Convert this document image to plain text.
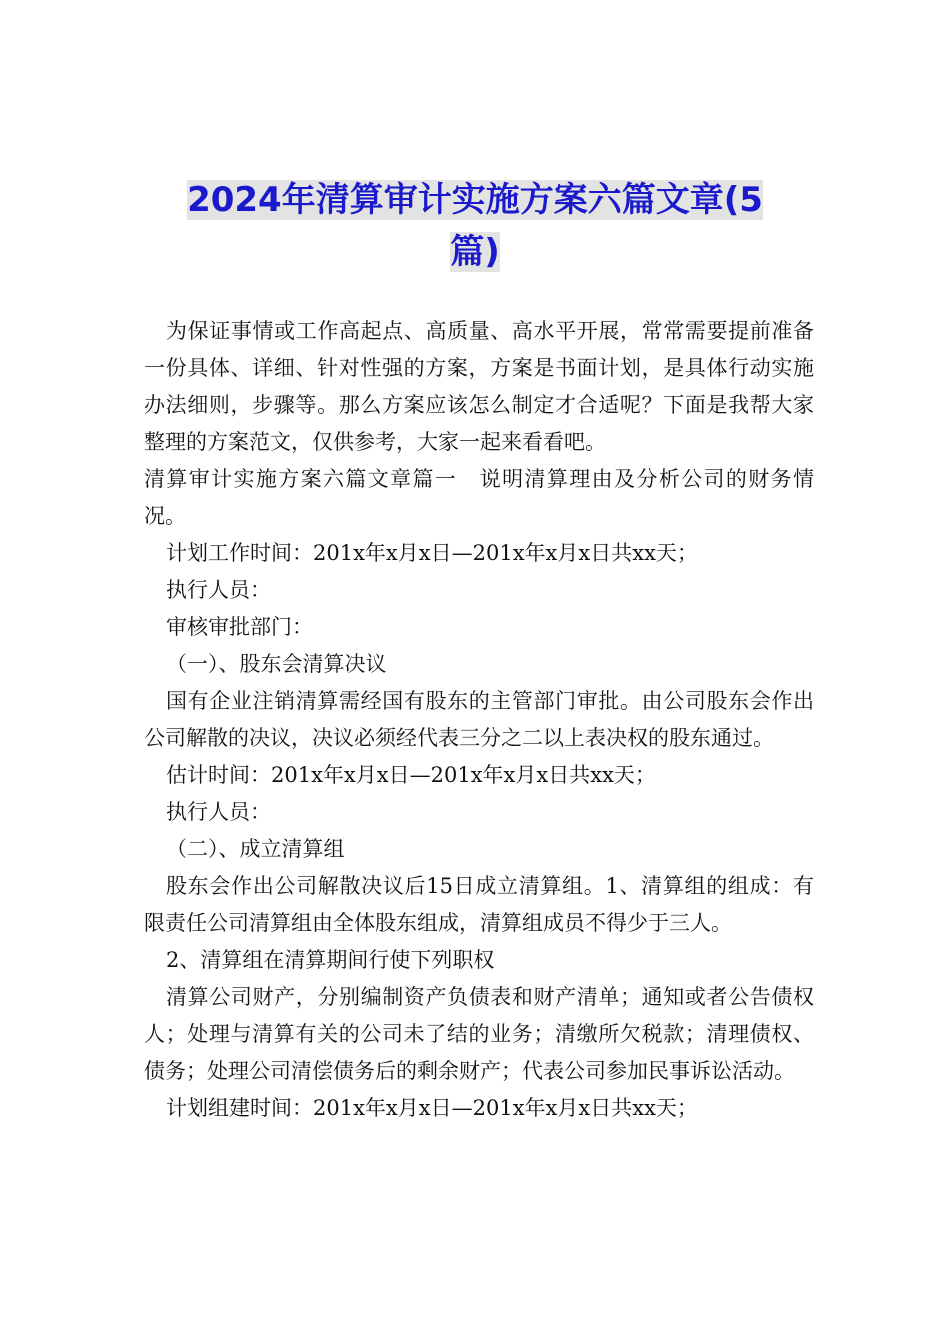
2024年清算审计实施方案六篇文章(5
篇)

为保证事情或工作高起点、高质量、高水平开展，常常需要提前准备一份具体、详细、针对性强的方案，方案是书面计划，是具体行动实施办法细则，步骤等。那么方案应该怎么制定才合适呢？下面是我帮大家整理的方案范文，仅供参考，大家一起来看看吧。

清算审计实施方案六篇文章篇一　说明清算理由及分析公司的财务情况。

计划工作时间：201x年x月x日—201x年x月x日共xx天；

执行人员：

审核审批部门：

（一）、股东会清算决议

国有企业注销清算需经国有股东的主管部门审批。由公司股东会作出公司解散的决议，决议必须经代表三分之二以上表决权的股东通过。

估计时间：201x年x月x日—201x年x月x日共xx天；

执行人员：

（二）、成立清算组

股东会作出公司解散决议后15日成立清算组。1、清算组的组成：有限责任公司清算组由全体股东组成，清算组成员不得少于三人。

2、清算组在清算期间行使下列职权

清算公司财产，分别编制资产负债表和财产清单；通知或者公告债权人；处理与清算有关的公司未了结的业务；清缴所欠税款；清理债权、债务；处理公司清偿债务后的剩余财产；代表公司参加民事诉讼活动。

计划组建时间：201x年x月x日—201x年x月x日共xx天；
